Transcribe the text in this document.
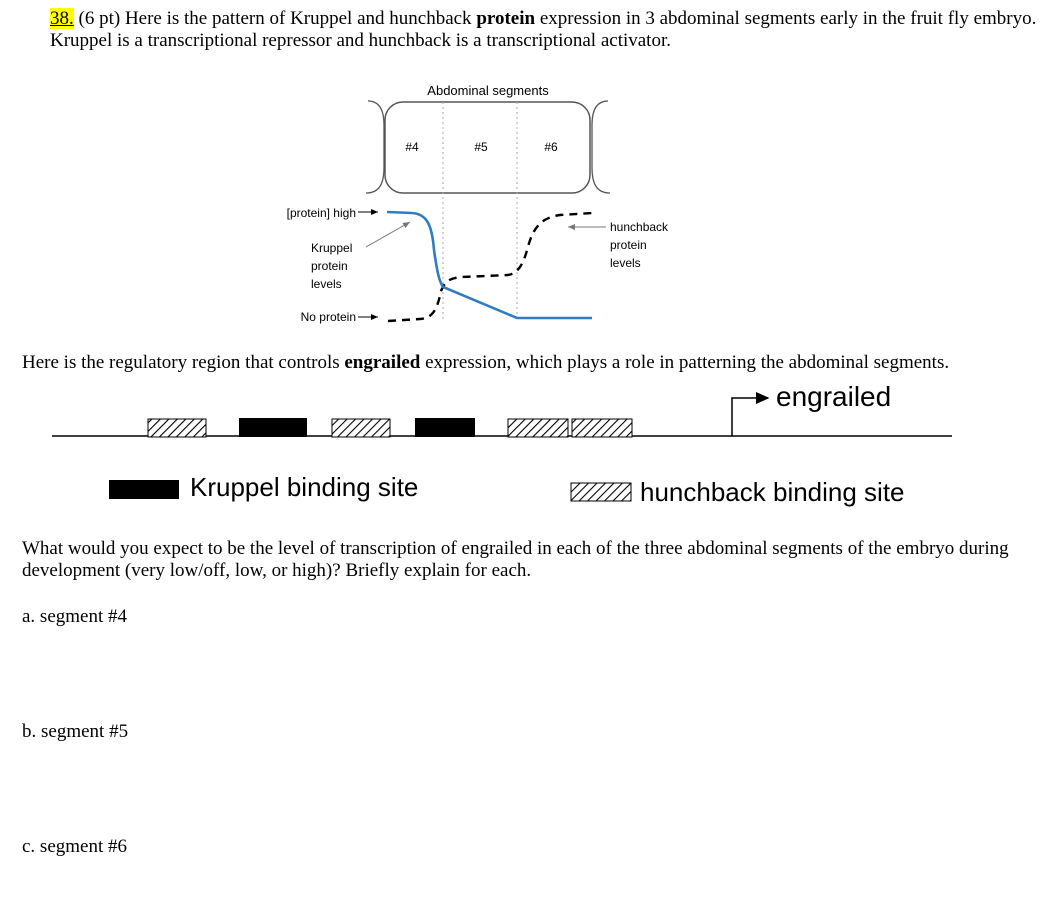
38. (6 pt) Here is the pattern of Kruppel and hunchback protein expression in 3 abdominal segments early in the fruit fly embryo. Kruppel is a transcriptional repressor and hunchback is a transcriptional activator.
Abdominal segments
#4	#5	#6
[protein] high
No protein
Kruppel protein levels
hunchback protein levels
Here is the regulatory region that controls engrailed expression, which plays a role in patterning the abdominal segments.
engrailed
Kruppel binding site	hunchback binding site
What would you expect to be the level of transcription of engrailed in each of the three abdominal segments of the embryo during development (very low/off, low, or high)? Briefly explain for each.
a. segment #4
b. segment #5
c. segment #6
